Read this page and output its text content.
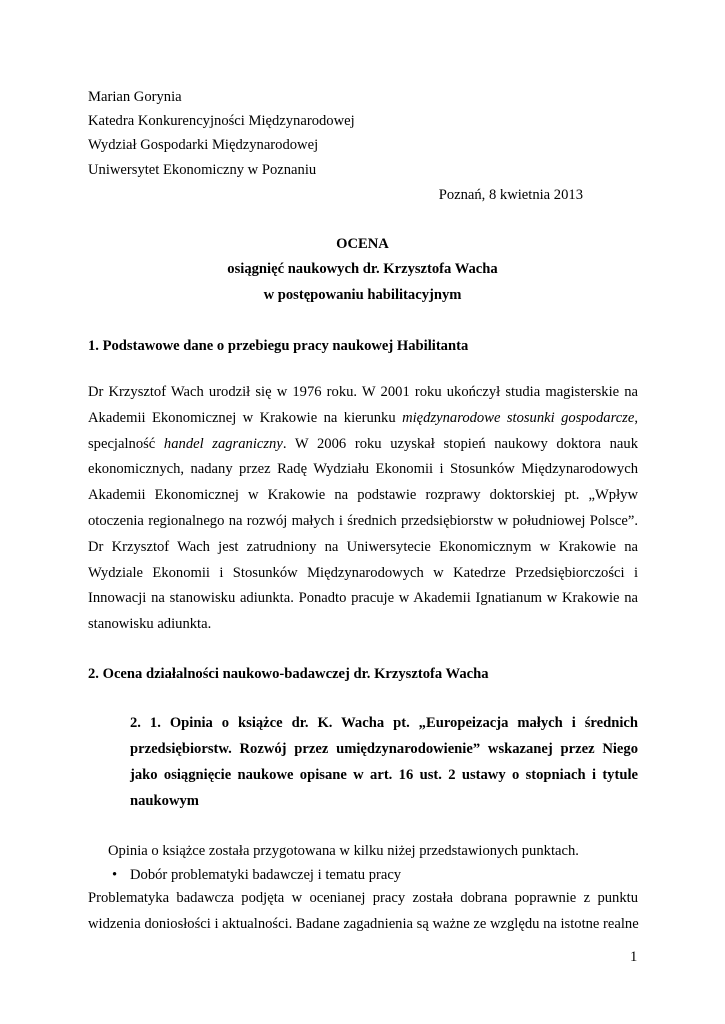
Marian Gorynia
Katedra Konkurencyjności Międzynarodowej
Wydział Gospodarki Międzynarodowej
Uniwersytet Ekonomiczny w Poznaniu
Poznań, 8 kwietnia 2013
OCENA
osiągnięć naukowych dr. Krzysztofa Wacha
w postępowaniu habilitacyjnym
1. Podstawowe dane o przebiegu pracy naukowej Habilitanta
Dr Krzysztof Wach urodził się w 1976 roku. W 2001 roku ukończył studia magisterskie na
Akademii Ekonomicznej w Krakowie na kierunku międzynarodowe stosunki gospodarcze,
specjalność handel zagraniczny. W 2006 roku uzyskał stopień naukowy doktora nauk
ekonomicznych, nadany przez Radę Wydziału Ekonomii i Stosunków Międzynarodowych
Akademii Ekonomicznej w Krakowie na podstawie rozprawy doktorskiej pt. „Wpływ
otoczenia regionalnego na rozwój małych i średnich przedsiębiorstw w południowej Polsce”.
Dr Krzysztof Wach jest zatrudniony na Uniwersytecie Ekonomicznym w Krakowie na
Wydziale Ekonomii i Stosunków Międzynarodowych w Katedrze Przedsiębiorczości i
Innowacji na stanowisku adiunkta. Ponadto pracuje w Akademii Ignatianum w Krakowie na
stanowisku adiunkta.
2. Ocena działalności naukowo-badawczej dr. Krzysztofa Wacha
2. 1. Opinia o książce dr. K. Wacha pt. „Europeizacja małych i średnich
przedsiębiorstw. Rozwój przez umiędzynarodowienie” wskazanej przez Niego
jako osiągnięcie naukowe opisane w art. 16 ust. 2 ustawy o stopniach i tytule
naukowym
Opinia o książce została przygotowana w kilku niżej przedstawionych punktach.
• Dobór problematyki badawczej i tematu pracy
Problematyka badawcza podjęta w ocenianej pracy została dobrana poprawnie z punktu
widzenia doniosłości i aktualności. Badane zagadnienia są ważne ze względu na istotne realne
1
